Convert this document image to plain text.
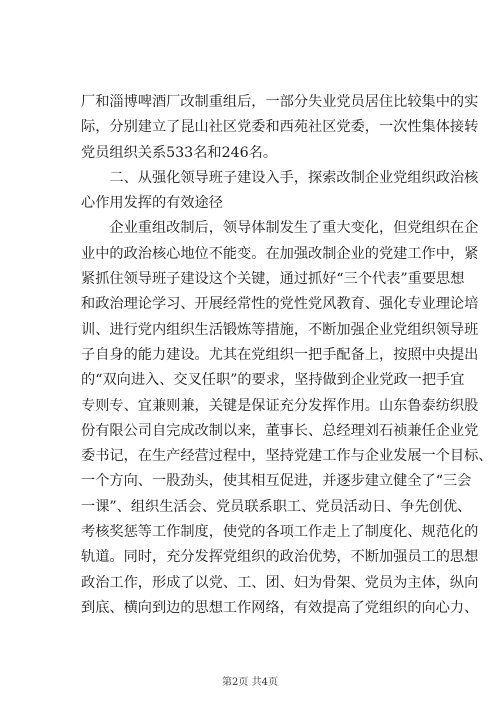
厂和淄博啤酒厂改制重组后，一部分失业党员居住比较集中的实
际，分别建立了昆山社区党委和西苑社区党委，一次性集体接转
党员组织关系533名和246名。
　　二、从强化领导班子建设入手，探索改制企业党组织政治核
心作用发挥的有效途径
　　企业重组改制后，领导体制发生了重大变化，但党组织在企
业中的政治核心地位不能变。在加强改制企业的党建工作中，紧
紧抓住领导班子建设这个关键，通过抓好“三个代表”重要思想
和政治理论学习、开展经常性的党性党风教育、强化专业理论培
训、进行党内组织生活锻炼等措施，不断加强企业党组织领导班
子自身的能力建设。尤其在党组织一把手配备上，按照中央提出
的“双向进入、交叉任职”的要求，坚持做到企业党政一把手宜
专则专、宜兼则兼，关键是保证充分发挥作用。山东鲁泰纺织股
份有限公司自完成改制以来，董事长、总经理刘石祯兼任企业党
委书记，在生产经营过程中，坚持党建工作与企业发展一个目标、
一个方向、一股劲头，使其相互促进，并逐步建立健全了“三会
一课”、组织生活会、党员联系职工、党员活动日、争先创优、
考核奖惩等工作制度，使党的各项工作走上了制度化、规范化的
轨道。同时，充分发挥党组织的政治优势，不断加强员工的思想
政治工作，形成了以党、工、团、妇为骨架、党员为主体，纵向
到底、横向到边的思想工作网络，有效提高了党组织的向心力、
第2页 共4页
